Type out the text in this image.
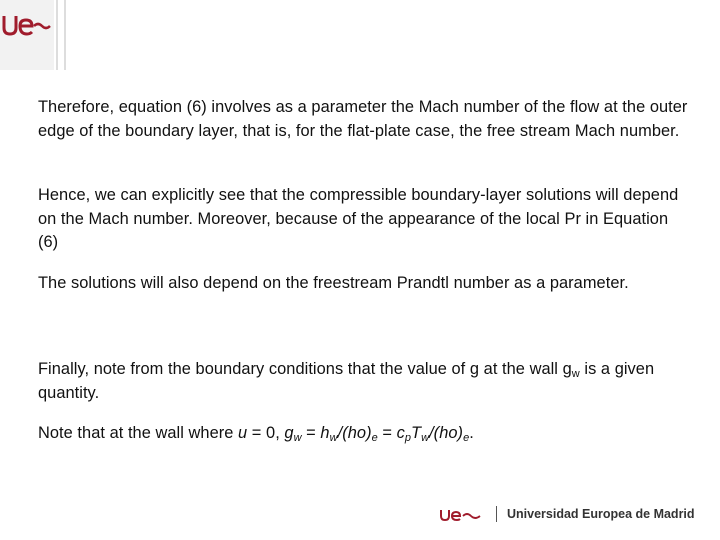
Therefore, equation (6) involves as a parameter the Mach number of the flow at the outer edge of the boundary layer, that is, for the flat-plate case, the free stream Mach number.

Hence, we can explicitly see that the compressible boundary-layer solutions will depend on the Mach number. Moreover, because of the appearance of the local Pr in Equation (6)

The solutions will also depend on the freestream Prandtl number as a parameter.

Finally, note from the boundary conditions that the value of g at the wall $g_w$ is a given quantity.

Note that at the wall where u = 0, $g_w = h_w/(ho)_e = c_pT_w/(ho)_e$.

Universidad Europea de Madrid
